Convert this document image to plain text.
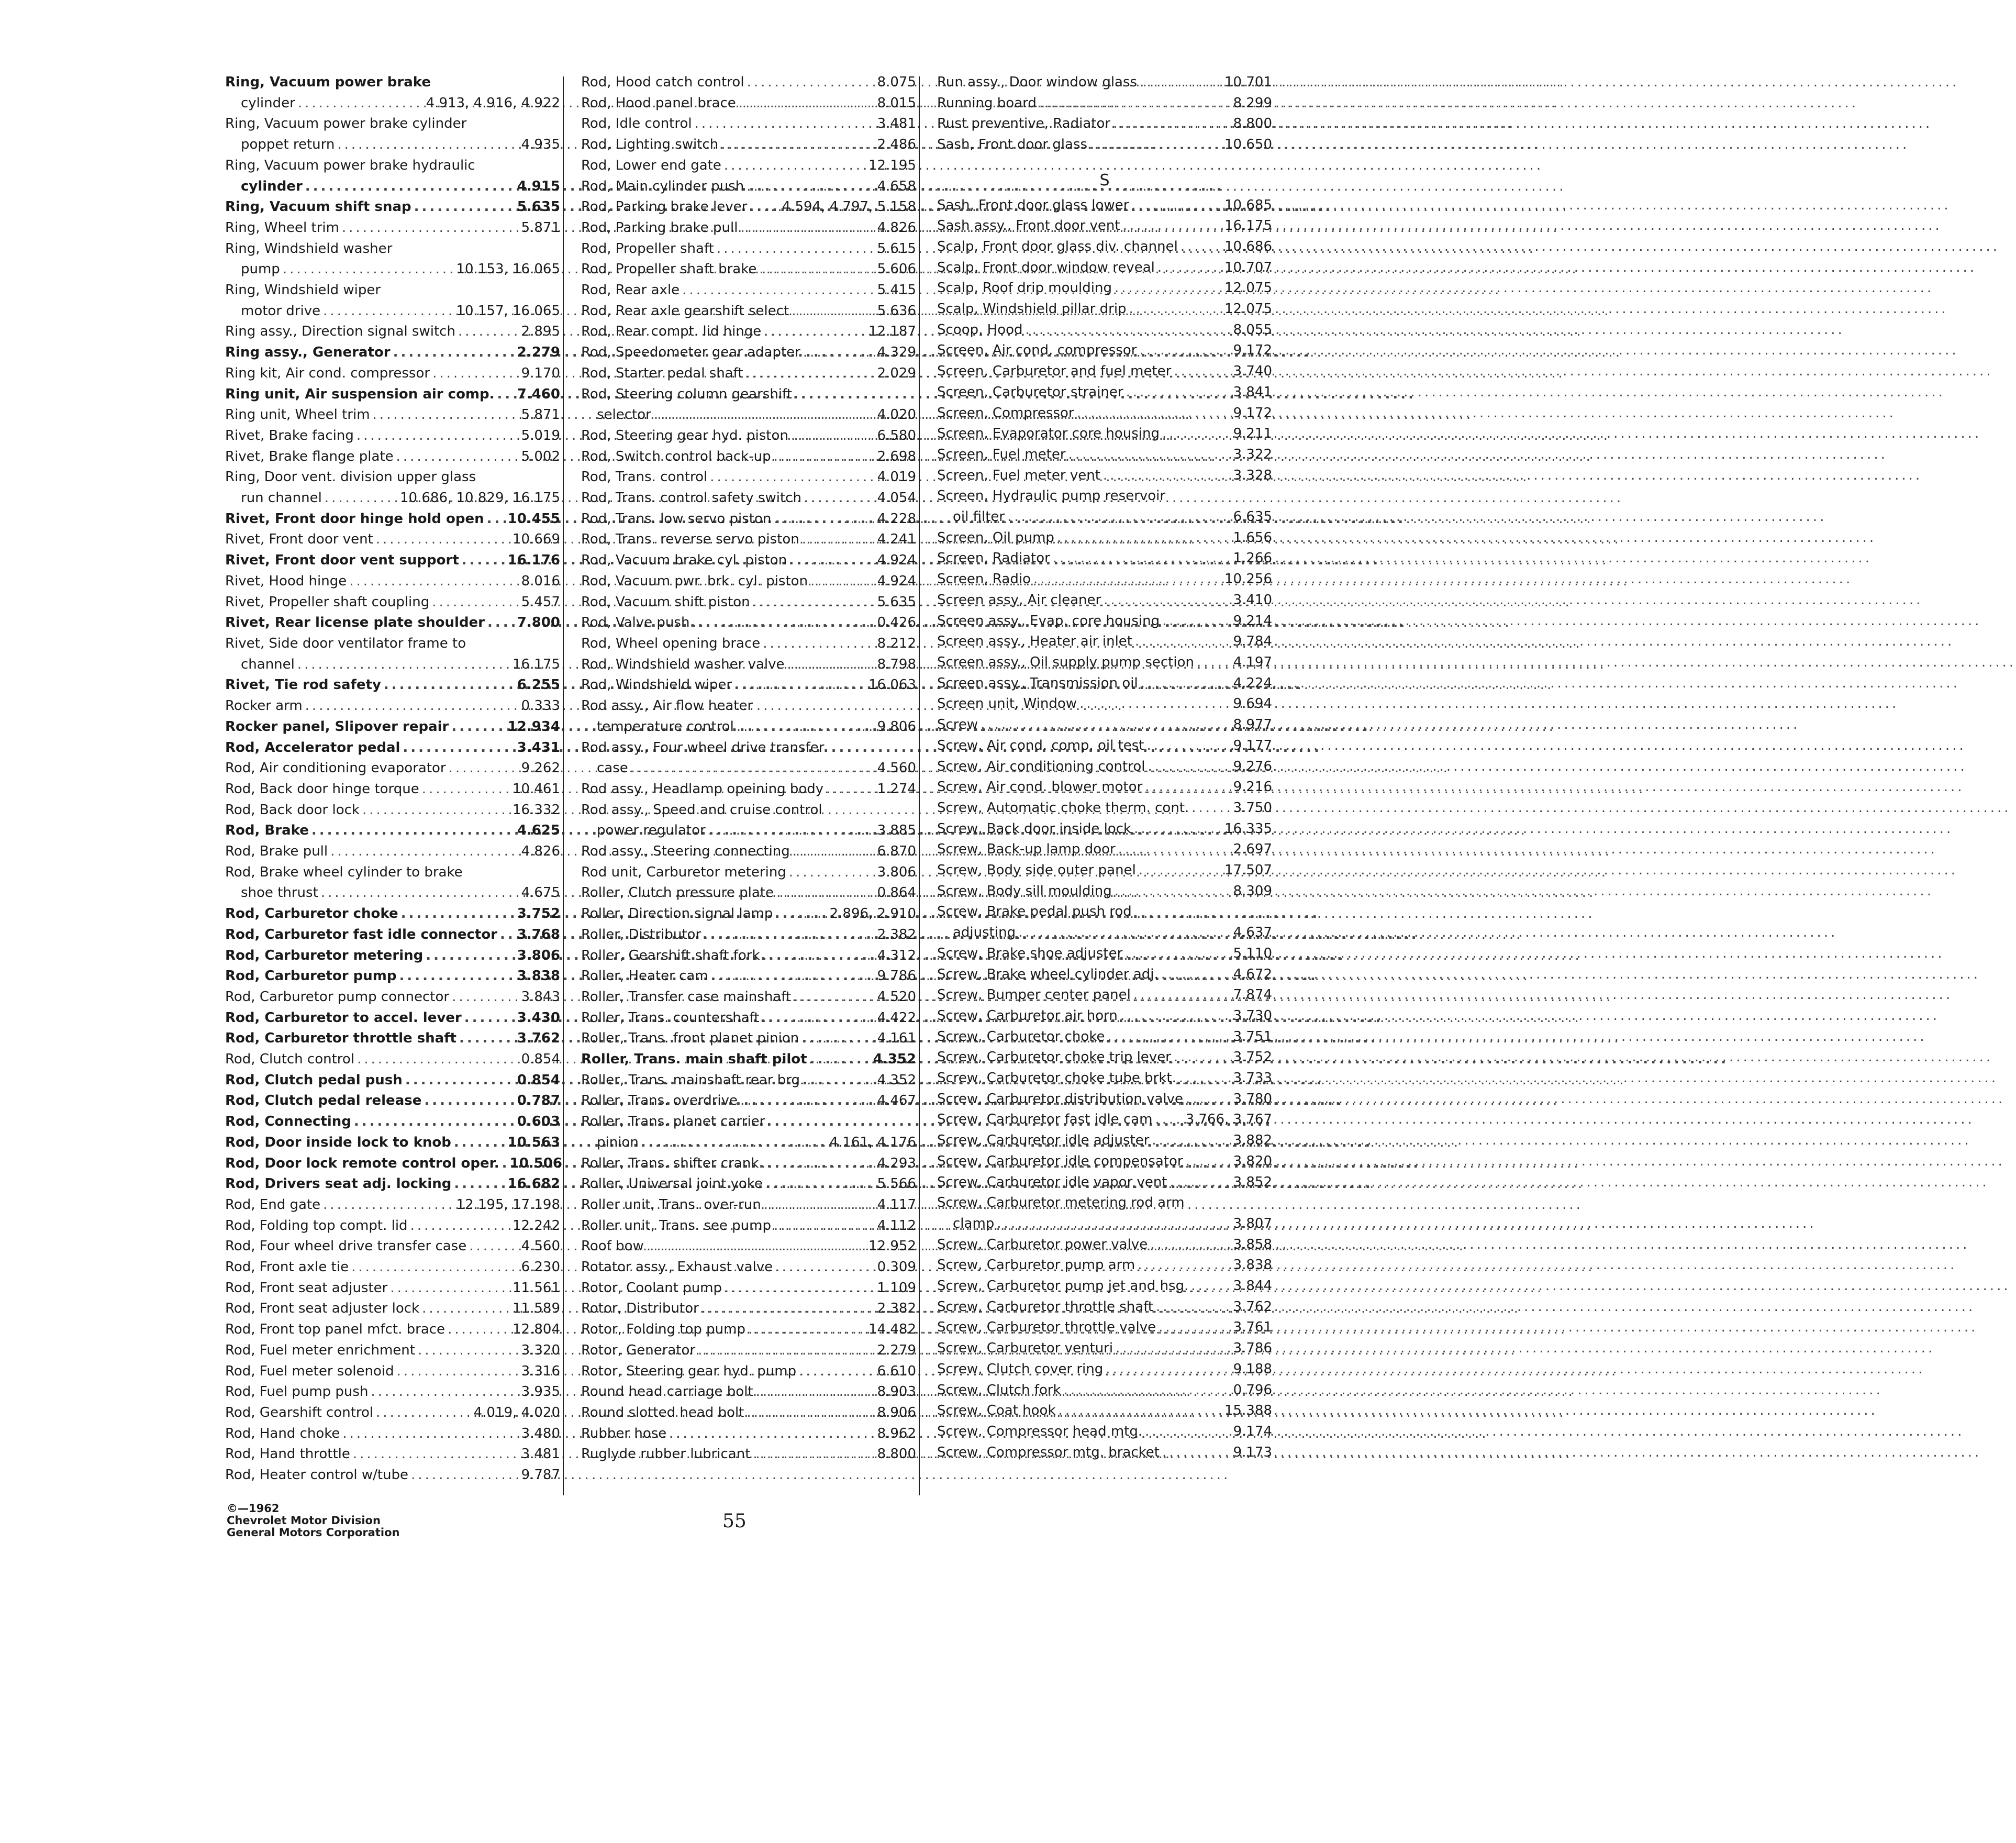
Ring, Vacuum power brake
cylinder .....	4.913, 4.916, 4.922
Ring, Vacuum power brake cylinder
poppet return .....	4.935
Ring, Vacuum power brake hydraulic
cylinder .....	4.915
Ring, Vacuum shift snap .....	5.635
Ring, Wheel trim .....	5.871
Ring, Windshield washer
pump .....	10.153, 16.065
Ring, Windshield wiper
motor drive .....	10.157, 16.065
Ring assy., Direction signal switch .....	2.895
Ring assy., Generator .....	2.279
Ring kit, Air cond. compressor .....	9.170
Ring unit, Air suspension air comp. ..... 7.460
Ring unit, Wheel trim .....	5.871
Rivet, Brake facing .....	5.019
Rivet, Brake flange plate .....	5.002
Ring, Door vent. division upper glass
run channel .....	10.686, 10.829, 16.175
Rivet, Front door hinge hold open ..... 10.455
Rivet, Front door vent .....	10.669
Rivet, Front door vent support .....	16.176
Rivet, Hood hinge .....	8.016
Rivet, Propeller shaft coupling .....	5.457
Rivet, Rear license plate shoulder ..... 7.800
Rivet, Side door ventilator frame to
channel .....	16.175
Rivet, Tie rod safety .....	6.255
Rocker arm .....	0.333
Rocker panel, Slipover repair .....	12.934
Rod, Accelerator pedal .....	3.431
Rod, Air conditioning evaporator .....	9.262
Rod, Back door hinge torque .....	10.461
Rod, Back door lock .....	16.332
Rod, Brake .....	4.625
Rod, Brake pull .....	4.826
Rod, Brake wheel cylinder to brake
shoe thrust .....	4.675
Rod, Carburetor choke .....	3.752
Rod, Carburetor fast idle connector ..... 3.768
Rod, Carburetor metering .....	3.806
Rod, Carburetor pump .....	3.838
Rod, Carburetor pump connector .....	3.843
Rod, Carburetor to accel. lever .....	3.430
Rod, Carburetor throttle shaft .....	3.762
Rod, Clutch control .....	0.854
Rod, Clutch pedal push .....	0.854
Rod, Clutch pedal release .....	0.787
Rod, Connecting .....	0.603
Rod, Door inside lock to knob .....	10.563
Rod, Door lock remote control oper. ..... 10.506
Rod, Drivers seat adj. locking .....	16.682
Rod, End gate .....	12.195, 17.198
Rod, Folding top compt. lid .....	12.242
Rod, Four wheel drive transfer case .....	4.560
Rod, Front axle tie .....	6.230
Rod, Front seat adjuster .....	11.561
Rod, Front seat adjuster lock .....	11.589
Rod, Front top panel mfct. brace .....	12.804
Rod, Fuel meter enrichment .....	3.320
Rod, Fuel meter solenoid .....	3.316
Rod, Fuel pump push .....	3.935
Rod, Gearshift control .....	4.019, 4.020
Rod, Hand choke .....	3.480
Rod, Hand throttle .....	3.481
Rod, Heater control w/tube .....	9.787
Rod, Hood catch control .....	8.075
Rod, Hood panel brace .....	8.015
Rod, Idle control .....	3.481
Rod, Lighting switch .....	2.486
Rod, Lower end gate .....	12.195
Rod, Main cylinder push .....	4.658
Rod, Parking brake lever .....	4.594, 4.797, 5.158
Rod, Parking brake pull .....	4.826
Rod, Propeller shaft .....	5.615
Rod, Propeller shaft brake .....	5.606
Rod, Rear axle .....	5.415
Rod, Rear axle gearshift select .....	5.636
Rod, Rear compt. lid hinge .....	12.187
Rod, Speedometer gear adapter .....	4.329
Rod, Starter pedal shaft .....	2.029
Rod, Steering column gearshift
selector .....	4.020
Rod, Steering gear hyd. piston .....	6.580
Rod, Switch control back-up .....	2.698
Rod, Trans. control .....	4.019
Rod, Trans. control safety switch .....	4.054
Rod, Trans. low servo piston .....	4.228
Rod, Trans. reverse servo piston .....	4.241
Rod, Vacuum brake cyl. piston .....	4.924
Rod, Vacuum pwr. brk. cyl. piston .....	4.924
Rod, Vacuum shift piston .....	5.635
Rod, Valve push .....	0.426
Rod, Wheel opening brace .....	8.212
Rod, Windshield washer valve .....	8.798
Rod, Windshield wiper .....	16.063
Rod assy., Air flow heater
temperature control .....	9.806
Rod assy., Four wheel drive transfer
case .....	4.560
Rod assy., Headlamp opeining body .....	1.274
Rod assy., Speed and cruise control
power regulator .....	3.885
Rod assy., Steering connecting .....	6.870
Rod unit, Carburetor metering .....	3.806
Roller, Clutch pressure plate .....	0.864
Roller, Direction signal lamp .....	2.896, 2.910
Roller, Distributor .....	2.382
Roller, Gearshift shaft fork .....	4.312
Roller, Heater cam .....	9.786
Roller, Transfer case mainshaft .....	4.520
Roller, Trans. countershaft .....	4.422
Roller, Trans. front planet pinion .....	4.161
Roller, Trans. main shaft pilot .....	4.352
Roller, Trans. mainshaft rear brg. .....	4.352
Roller, Trans. overdrive .....	4.467
Roller, Trans. planet carrier
pinion .....	4.161, 4.176
Roller, Trans. shifter crank .....	4.293
Roller, Universal joint yoke .....	5.566
Roller unit, Trans. over-run .....	4.117
Roller unit, Trans. see pump .....	4.112
Roof bow .....	12.952
Rotator assy., Exhaust valve .....	0.309
Rotor, Coolant pump .....	1.109
Rotor, Distributor .....	2.382
Rotor, Folding top pump .....	14.482
Rotor, Generator .....	2.279
Rotor, Steering gear hyd. pump .....	6.610
Round head carriage bolt .....	8.903
Round slotted head bolt .....	8.906
Rubber hose .....	8.962
Ruglyde rubber lubricant .....	8.800
Run assy., Door window glass .....	10.701
Running board .....	8.299
Rust preventive, Radiator .....	8.800
Sash, Front door glass .....	10.650
S
Sash, Front door glass lower .....	10.685
Sash assy., Front door vent .....	16.175
Scalp, Front door glass div. channel .....	10.686
Scalp, Front door window reveal .....	10.707
Scalp, Roof drip moulding .....	12.075
Scalp, Windshield pillar drip .....	12.075
Scoop, Hood .....	8.055
Screen, Air cond. compressor .....	9.172
Screen, Carburetor and fuel meter .....	3.740
Screen, Carburetor strainer .....	3.841
Screen, Compressor .....	9.172
Screen, Evaporator core housing .....	9.211
Screen, Fuel meter .....	3.322
Screen, Fuel meter vent .....	3.328
Screen, Hydraulic pump reservoir
oil filter .....	6.635
Screen, Oil pump .....	1.656
Screen, Radiator .....	1.266
Screen, Radio .....	10.256
Screen assy, Air cleaner .....	3.410
Screen assy., Evap. core housing .....	9.214
Screen assy., Heater air inlet .....	9.784
Screen assy., Oil supply pump section .....	4.197
Screen assy., Transmission oil .....	4.224
Screen unit, Window .....	9.694
Screw .....	8.977
Screw, Air cond. comp. oil test .....	9.177
Screw, Air conditioning control .....	9.276
Screw, Air cond. blower motor .....	9.216
Screw, Automatic choke therm. cont. .....	3.750
Screw, Back door inside lock .....	16.335
Screw, Back-up lamp door .....	2.697
Screw, Body side outer panel .....	17.507
Screw, Body sill moulding .....	8.309
Screw, Brake pedal push rod
adjusting .....	4.637
Screw, Brake shoe adjuster .....	5.110
Screw, Brake wheel cylinder adj. .....	4.672
Screw, Bumper center panel .....	7.874
Screw, Carburetor air horn .....	3.730
Screw, Carburetor choke .....	3.751
Screw, Carburetor choke trip lever .....	3.752
Screw, Carburetor choke tube brkt. .....	3.733
Screw, Carburetor distribution valve .....	3.780
Screw, Carburetor fast idle cam ..... 3.766, 3.767
Screw, Carburetor idle adjuster .....	3.882
Screw, Carburetor idle compensator .....	3.820
Screw, Carburetor idle vapor vent .....	3.852
Screw, Carburetor metering rod arm
clamp .....	3.807
Screw, Carburetor power valve .....	3.858
Screw, Carburetor pump arm .....	3.838
Screw, Carburetor pump jet and hsg. .....	3.844
Screw, Carburetor throttle shaft .....	3.762
Screw, Carburetor throttle valve .....	3.761
Screw, Carburetor venturi .....	3.786
Screw, Clutch cover ring .....	9.188
Screw, Clutch fork .....	0.796
Screw, Coat hook .....	15.388
Screw, Compressor head mtg. .....	9.174
Screw, Compressor mtg. bracket .....	9.173
©—1962
Chevrolet Motor Division
General Motors Corporation
55
